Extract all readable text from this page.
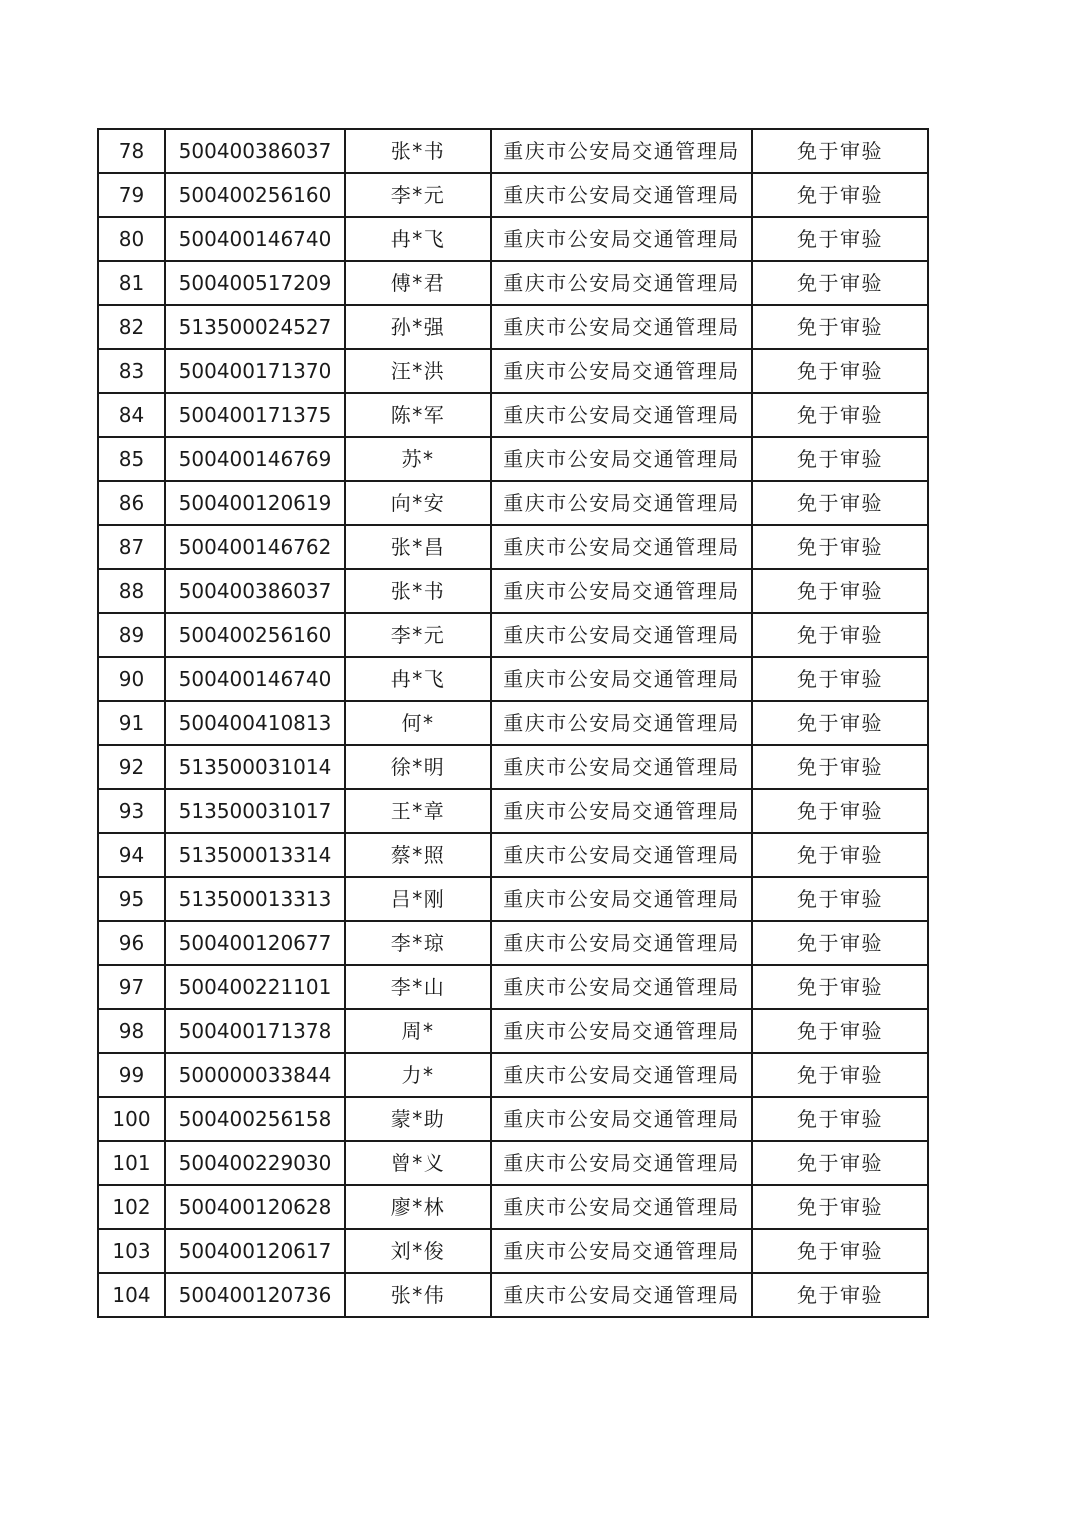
78	500400386037	张*书	重庆市公安局交通管理局	免于审验
79	500400256160	李*元	重庆市公安局交通管理局	免于审验
80	500400146740	冉*飞	重庆市公安局交通管理局	免于审验
81	500400517209	傅*君	重庆市公安局交通管理局	免于审验
82	513500024527	孙*强	重庆市公安局交通管理局	免于审验
83	500400171370	汪*洪	重庆市公安局交通管理局	免于审验
84	500400171375	陈*军	重庆市公安局交通管理局	免于审验
85	500400146769	苏*	重庆市公安局交通管理局	免于审验
86	500400120619	向*安	重庆市公安局交通管理局	免于审验
87	500400146762	张*昌	重庆市公安局交通管理局	免于审验
88	500400386037	张*书	重庆市公安局交通管理局	免于审验
89	500400256160	李*元	重庆市公安局交通管理局	免于审验
90	500400146740	冉*飞	重庆市公安局交通管理局	免于审验
91	500400410813	何*	重庆市公安局交通管理局	免于审验
92	513500031014	徐*明	重庆市公安局交通管理局	免于审验
93	513500031017	王*章	重庆市公安局交通管理局	免于审验
94	513500013314	蔡*照	重庆市公安局交通管理局	免于审验
95	513500013313	吕*刚	重庆市公安局交通管理局	免于审验
96	500400120677	李*琼	重庆市公安局交通管理局	免于审验
97	500400221101	李*山	重庆市公安局交通管理局	免于审验
98	500400171378	周*	重庆市公安局交通管理局	免于审验
99	500000033844	力*	重庆市公安局交通管理局	免于审验
100	500400256158	蒙*助	重庆市公安局交通管理局	免于审验
101	500400229030	曾*义	重庆市公安局交通管理局	免于审验
102	500400120628	廖*林	重庆市公安局交通管理局	免于审验
103	500400120617	刘*俊	重庆市公安局交通管理局	免于审验
104	500400120736	张*伟	重庆市公安局交通管理局	免于审验
